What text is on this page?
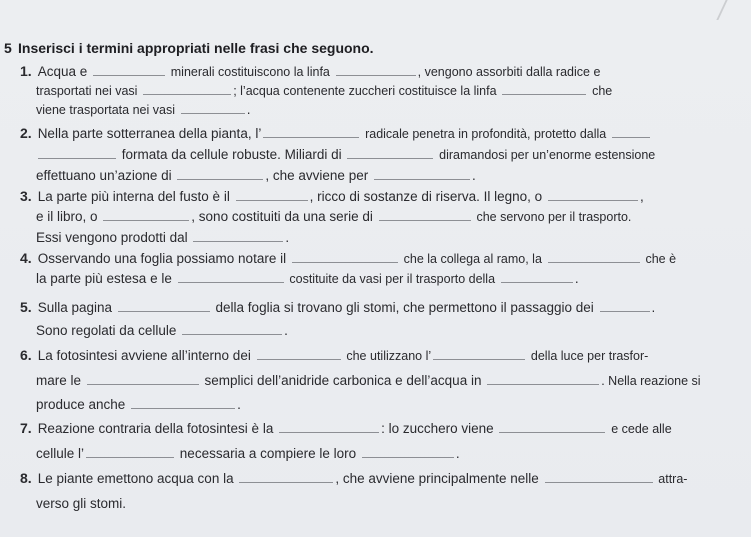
5 Inserisci i termini appropriati nelle frasi che seguono.
1. Acqua e	minerali costituiscono la linfa	, vengono assorbiti dalla radice e
trasportati nei vasi	; l’acqua contenente zuccheri costituisce la linfa	che
viene trasportata nei vasi	.
2. Nella parte sotterranea della pianta, l’	radicale penetra in profondità, protetto dalla
formata da cellule robuste. Miliardi di	diramandosi per un’enorme estensione
effettuano un’azione di	, che avviene per	.
3. La parte più interna del fusto è il	, ricco di sostanze di riserva. Il legno, o	,
e il libro, o	, sono costituiti da una serie di	che servono per il trasporto.
Essi vengono prodotti dal	.
4. Osservando una foglia possiamo notare il	che la collega al ramo, la	che è
la parte più estesa e le	costituite da vasi per il trasporto della	.
5. Sulla pagina	della foglia si trovano gli stomi, che permettono il passaggio dei	.
Sono regolati da cellule	.
6. La fotosintesi avviene all’interno dei	che utilizzano l’	della luce per trasfor-
mare le	semplici dell’anidride carbonica e dell’acqua in	. Nella reazione si
produce anche	.
7. Reazione contraria della fotosintesi è la	: lo zucchero viene	e cede alle
cellule l’	necessaria a compiere le loro	.
8. Le piante emettono acqua con la	, che avviene principalmente nelle	attra-
verso gli stomi.
